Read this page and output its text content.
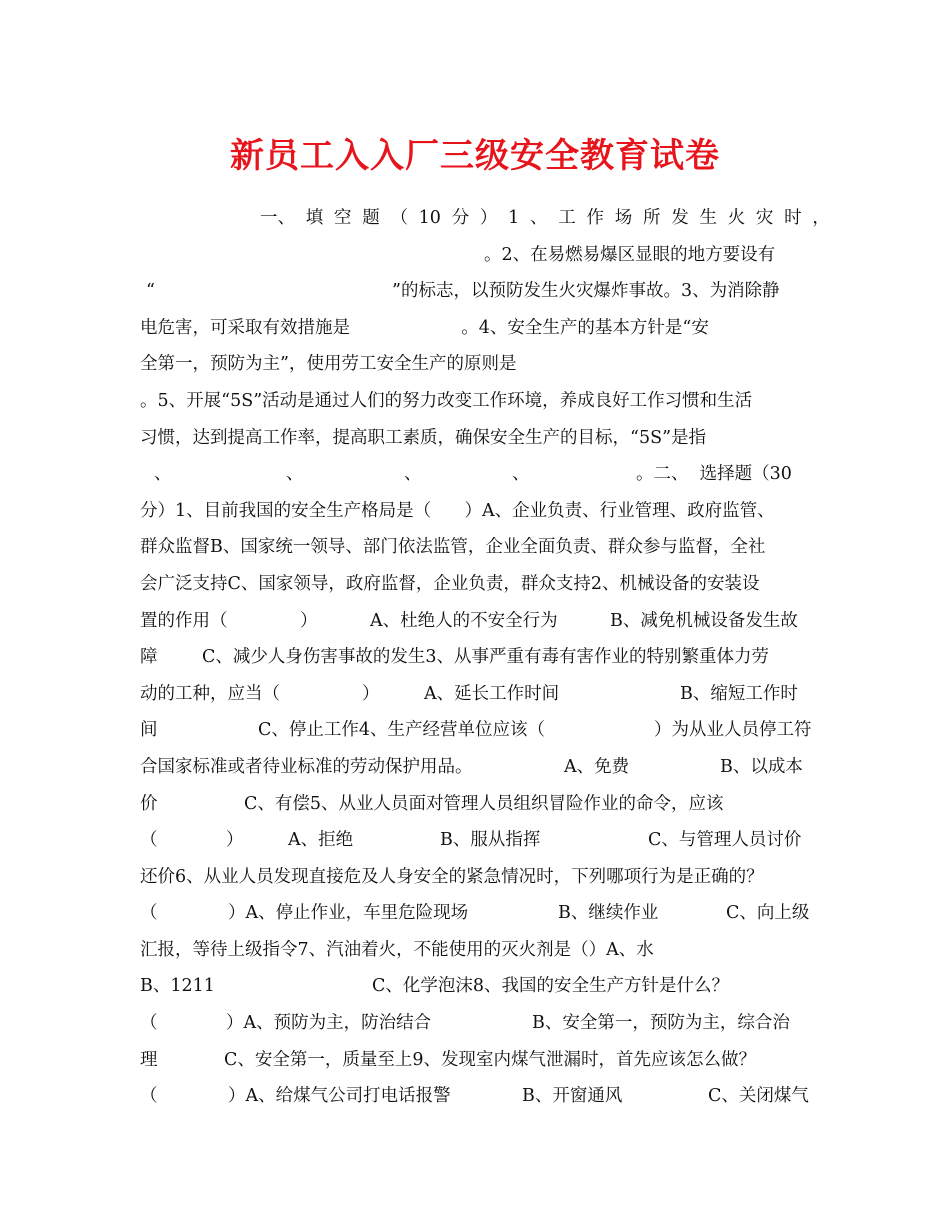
新员工入入厂三级安全教育试卷
一、 填 空 题 （ 10 分 ） 1 、 工 作 场 所 发 生 火 灾 时 ，
。2、在易燃易爆区显眼的地方要设有
“	”的标志，以预防发生火灾爆炸事故。3、为消除静
电危害，可采取有效措施是                    。4、安全生产的基本方针是“安
全第一，预防为主”，使用劳工安全生产的原则是
。5、开展“5S”活动是通过人们的努力改变工作环境，养成良好工作习惯和生活
习惯，达到提高工作率，提高职工素质，确保安全生产的目标，“5S”是指
、	、	、	、	。二、  选择题（30
分）1、目前我国的安全生产格局是（      ）A、企业负责、行业管理、政府监管、
群众监督B、国家统一领导、部门依法监管，企业全面负责、群众参与监督，全社
会广泛支持C、国家领导，政府监督，企业负责，群众支持2、机械设备的安装设
置的作用（	）	A、杜绝人的不安全行为	B、减免机械设备发生故
障	C、减少人身伤害事故的发生3、从事严重有毒有害作业的特别繁重体力劳
动的工种，应当（	）	A、延长工作时间	B、缩短工作时
间	C、停止工作4、生产经营单位应该（	）为从业人员停工符
合国家标准或者待业标准的劳动保护用品。	A、免费	B、以成本
价	C、有偿5、从业人员面对管理人员组织冒险作业的命令，应该
（	）	A、拒绝	B、服从指挥	C、与管理人员讨价
还价6、从业人员发现直接危及人身安全的紧急情况时，下列哪项行为是正确的？
（	）A、停止作业，车里危险现场	B、继续作业	C、向上级
汇报，等待上级指令7、汽油着火，不能使用的灭火剂是（）A、水
B、1211	C、化学泡沫8、我国的安全生产方针是什么？
（	）A、预防为主，防治结合	B、安全第一，预防为主，综合治
理	C、安全第一，质量至上9、发现室内煤气泄漏时，首先应该怎么做？
（	）A、给煤气公司打电话报警	B、开窗通风	C、关闭煤气
